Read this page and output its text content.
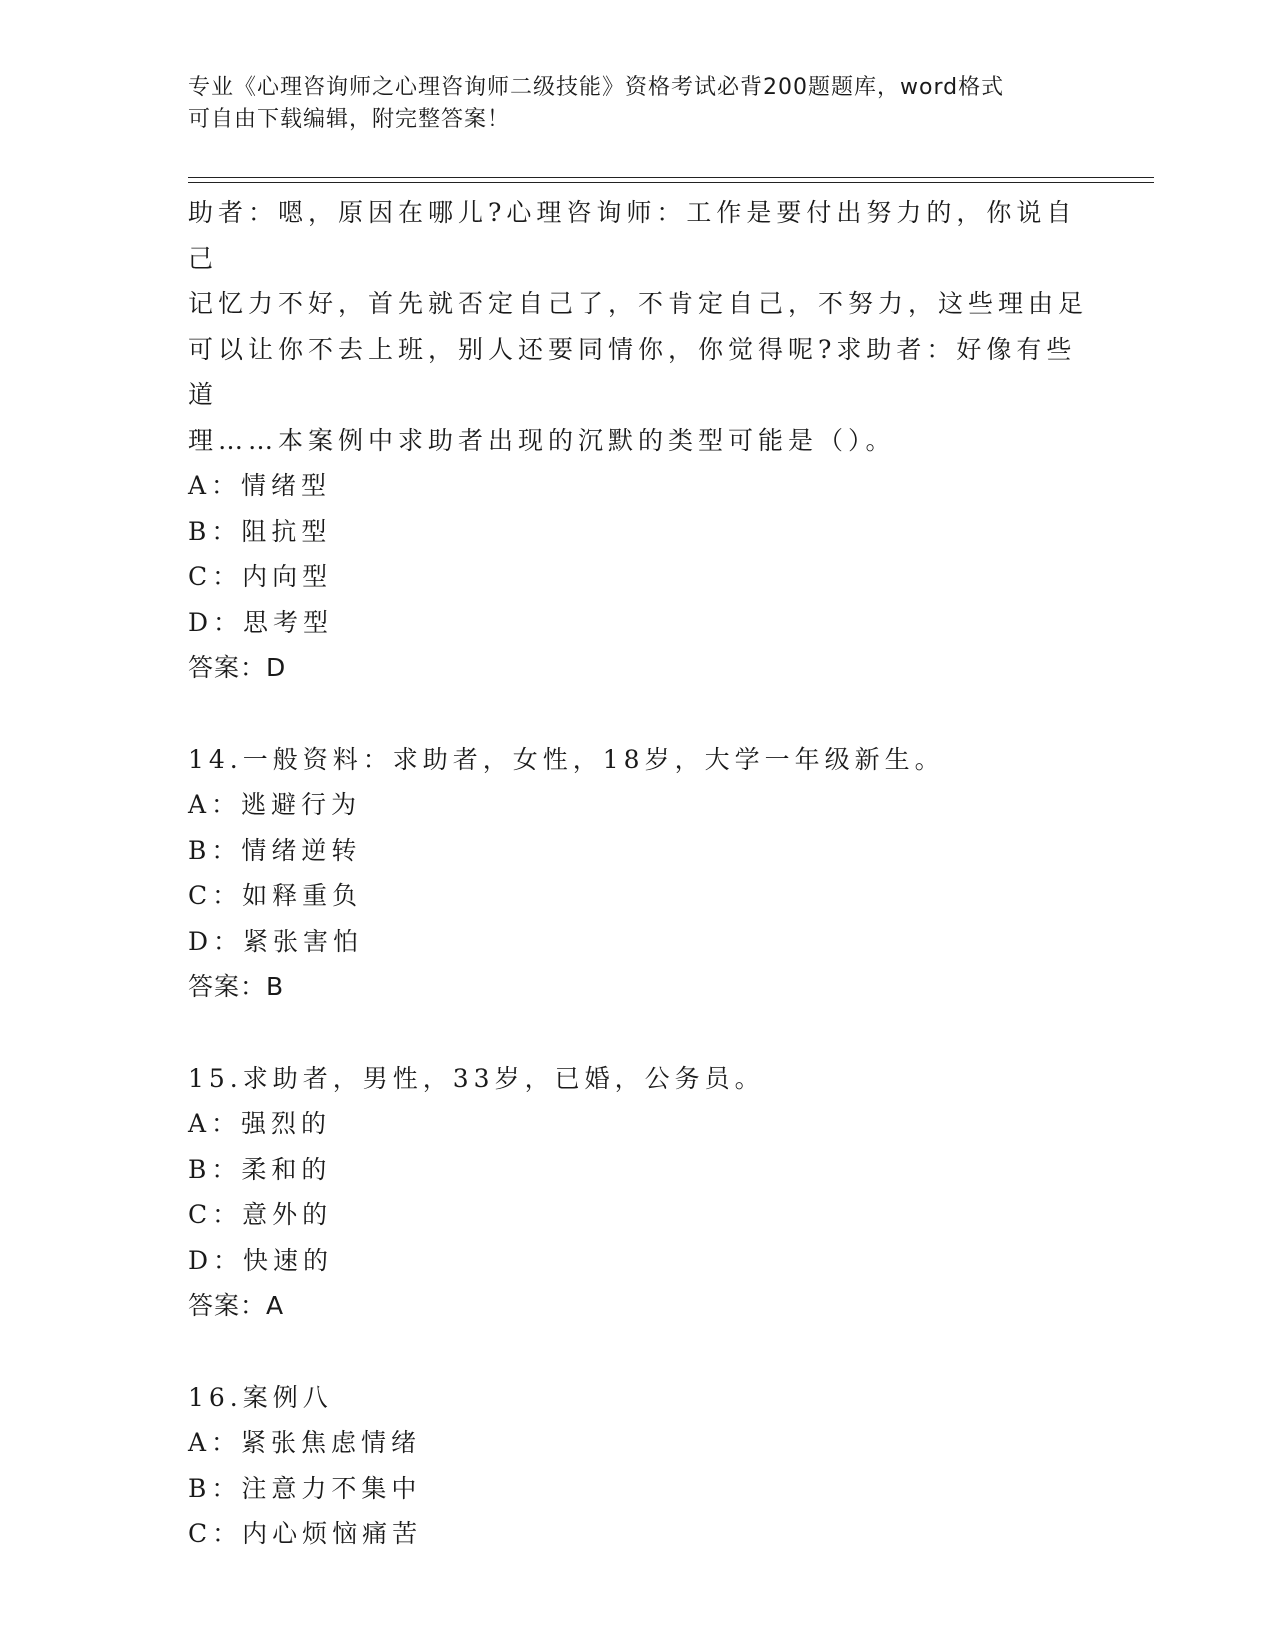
专业《心理咨询师之心理咨询师二级技能》资格考试必背200题题库，word格式
可自由下载编辑，附完整答案！

助者：嗯，原因在哪儿?心理咨询师：工作是要付出努力的，你说自己

记忆力不好，首先就否定自己了，不肯定自己，不努力，这些理由足

可以让你不去上班，别人还要同情你，你觉得呢?求助者：好像有些道

理……本案例中求助者出现的沉默的类型可能是（）。

A：情绪型

B：阻抗型

C：内向型

D：思考型

答案：D

14.一般资料：求助者，女性，18岁，大学一年级新生。

A：逃避行为

B：情绪逆转

C：如释重负

D：紧张害怕

答案：B

15.求助者，男性，33岁，已婚，公务员。

A：强烈的

B：柔和的

C：意外的

D：快速的

答案：A

16.案例八

A：紧张焦虑情绪

B：注意力不集中

C：内心烦恼痛苦
